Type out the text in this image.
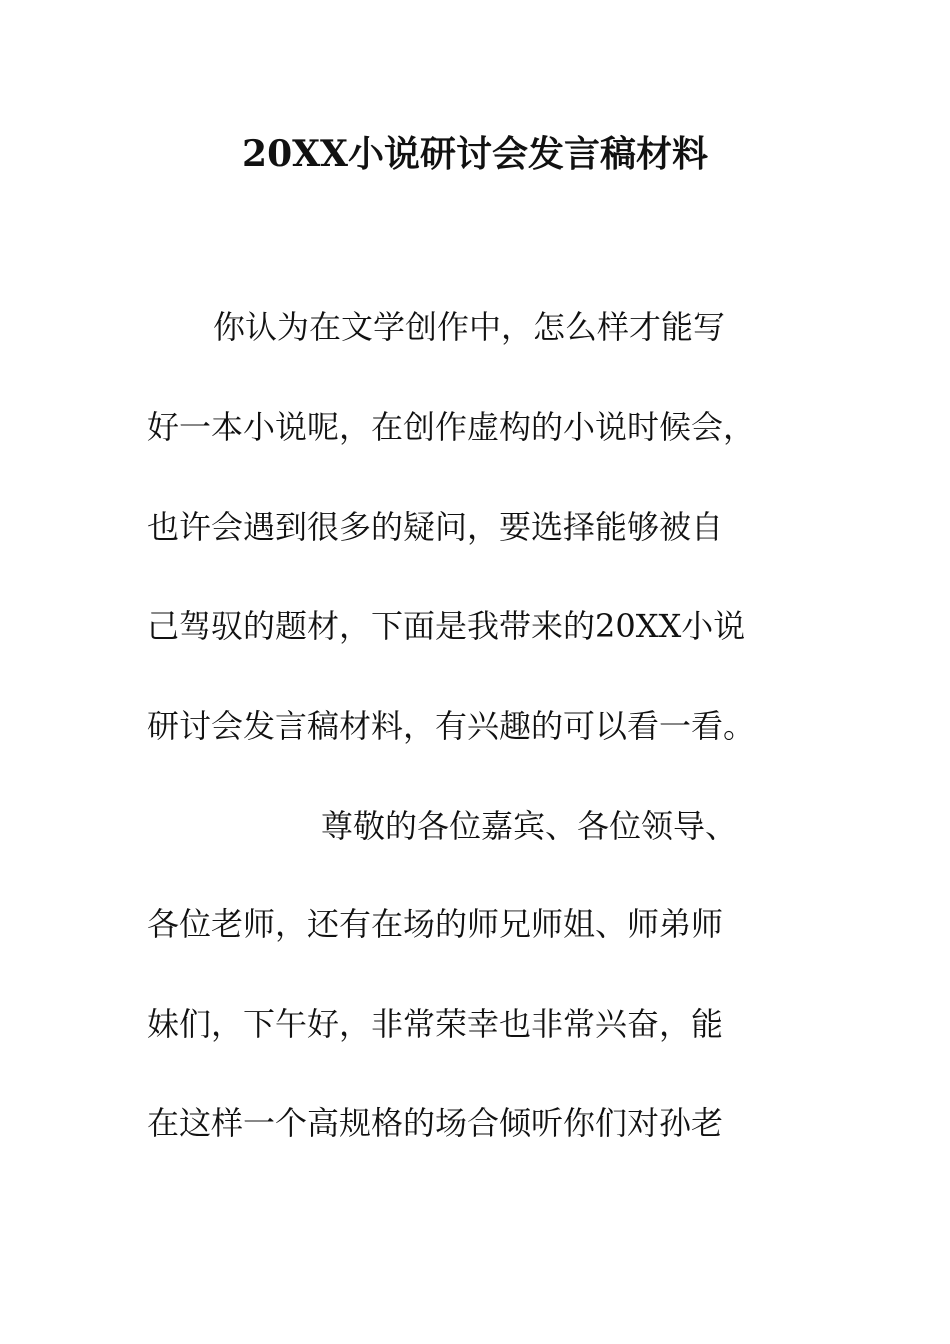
20XX小说研讨会发言稿材料
你认为在文学创作中，怎么样才能写
好一本小说呢，在创作虚构的小说时候会，
也许会遇到很多的疑问，要选择能够被自
己驾驭的题材，下面是我带来的20XX小说
研讨会发言稿材料，有兴趣的可以看一看。
尊敬的各位嘉宾、各位领导、
各位老师，还有在场的师兄师姐、师弟师
妹们，下午好，非常荣幸也非常兴奋，能
在这样一个高规格的场合倾听你们对孙老
